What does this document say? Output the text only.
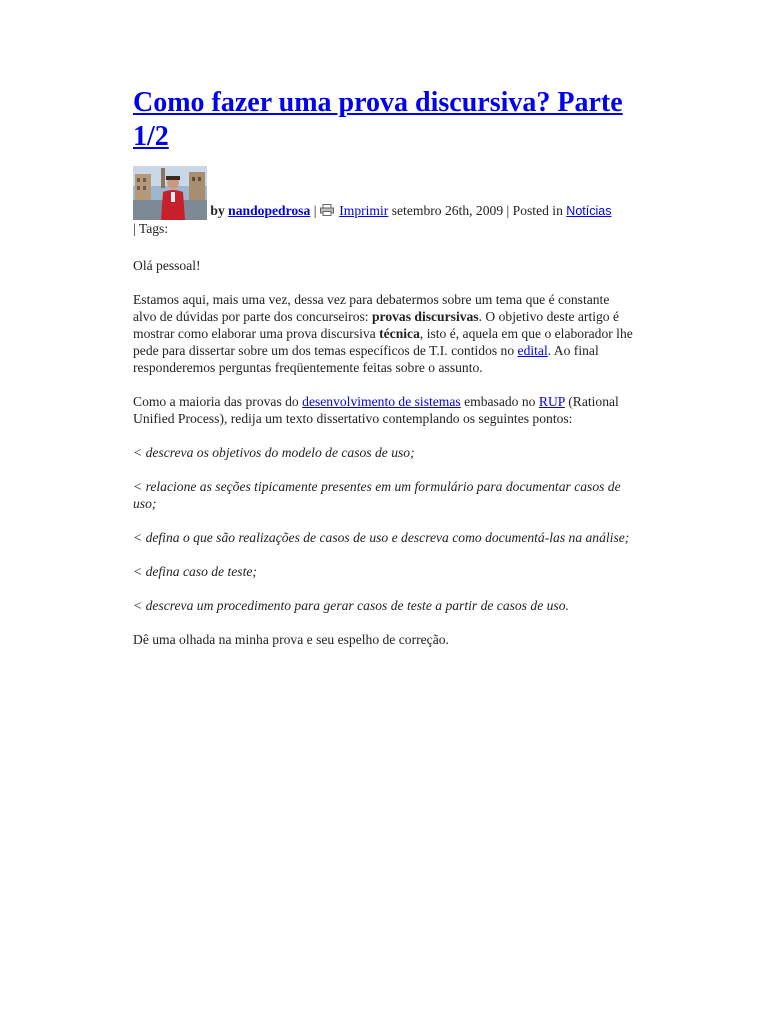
Como fazer uma prova discursiva? Parte
1/2
by nandopedrosa | Imprimir setembro 26th, 2009 | Posted in Notícias
| Tags:

Olá pessoal!

Estamos aqui, mais uma vez, dessa vez para debatermos sobre um tema que é constante alvo de dúvidas por parte dos concurseiros: provas discursivas. O objetivo deste artigo é mostrar como elaborar uma prova discursiva técnica, isto é, aquela em que o elaborador lhe pede para dissertar sobre um dos temas específicos de T.I. contidos no edital. Ao final responderemos perguntas freqüentemente feitas sobre o assunto.

Como a maioria das provas do desenvolvimento de sistemas embasado no RUP (Rational Unified Process), redija um texto dissertativo contemplando os seguintes pontos:

< descreva os objetivos do modelo de casos de uso;

< relacione as seções tipicamente presentes em um formulário para documentar casos de uso;

< defina o que são realizações de casos de uso e descreva como documentá-las na análise;

< defina caso de teste;

< descreva um procedimento para gerar casos de teste a partir de casos de uso.

Dê uma olhada na minha prova e seu espelho de correção.
